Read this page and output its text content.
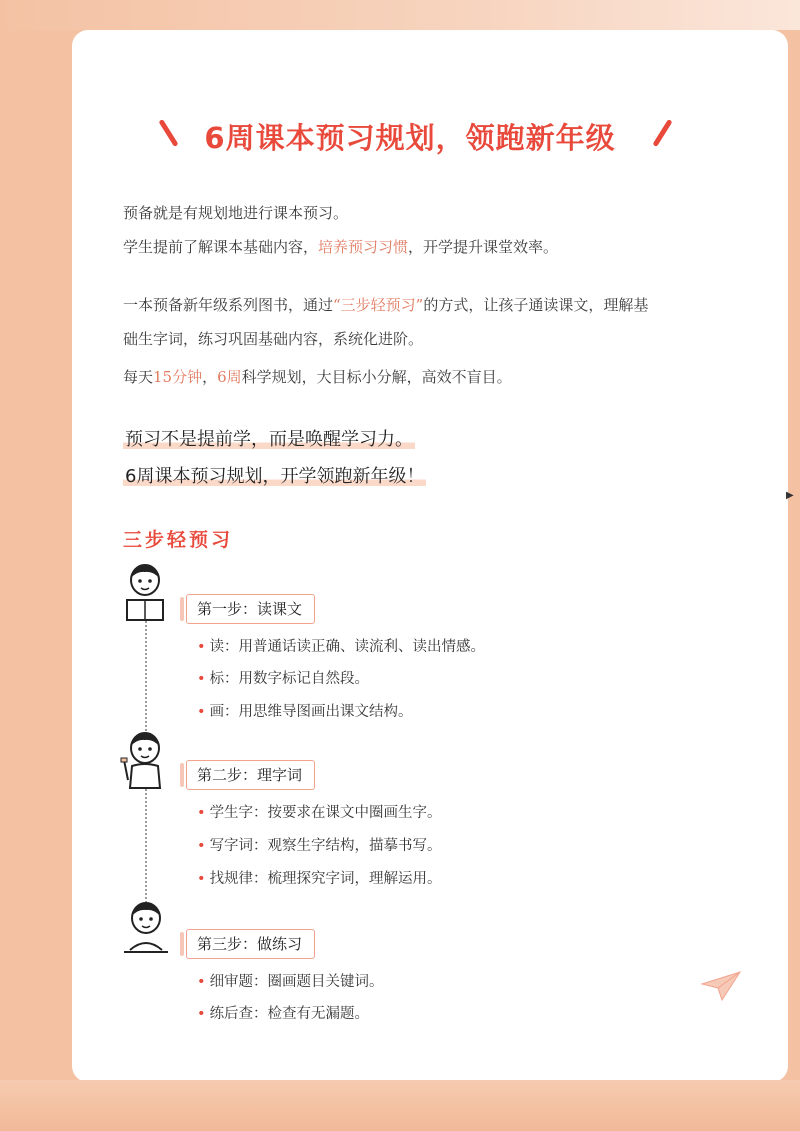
6周课本预习规划，领跑新年级
预备就是有规划地进行课本预习。
学生提前了解课本基础内容，培养预习习惯，开学提升课堂效率。
一本预备新年级系列图书，通过“三步轻预习”的方式，让孩子通读课文，理解基
础生字词，练习巩固基础内容，系统化进阶。
每天15分钟，6周科学规划，大目标小分解，高效不盲目。
预习不是提前学，而是唤醒学习力。
6周课本预习规划，开学领跑新年级！
三步轻预习
第一步：读课文
• 读：用普通话读正确、读流利、读出情感。
• 标：用数字标记自然段。
• 画：用思维导图画出课文结构。
第二步：理字词
• 学生字：按要求在课文中圈画生字。
• 写字词：观察生字结构，描摹书写。
• 找规律：梳理探究字词，理解运用。
第三步：做练习
• 细审题：圈画题目关键词。
• 练后查：检查有无漏题。
▶
